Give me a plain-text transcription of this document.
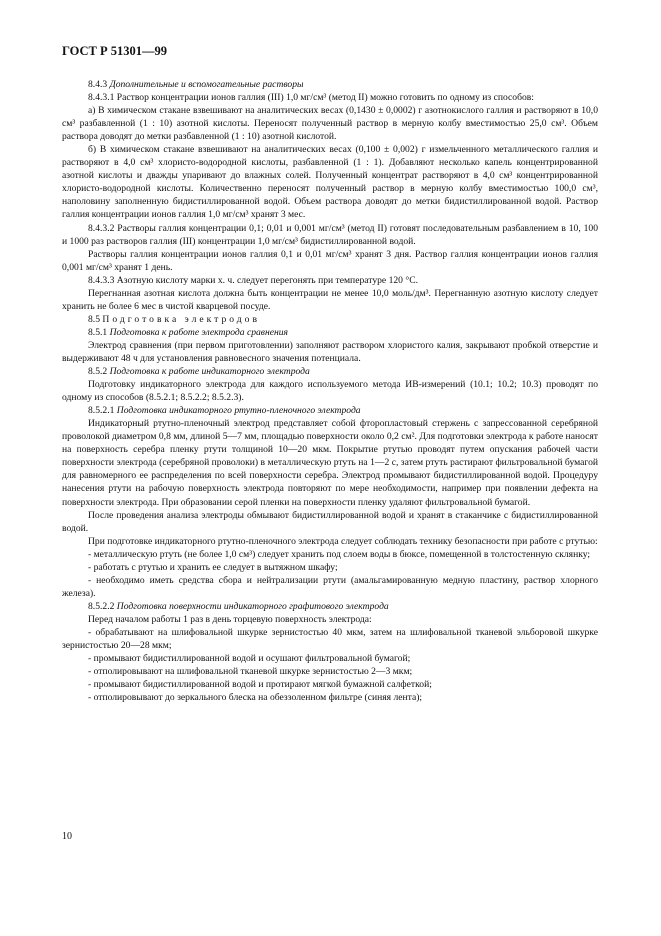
ГОСТ Р 51301—99

8.4.3 Дополнительные и вспомогательные растворы

8.4.3.1 Раствор концентрации ионов галлия (III) 1,0 мг/см³ (метод II) можно готовить по одному из способов:

а) В химическом стакане взвешивают на аналитических весах (0,1430 ± 0,0002) г азотнокислого галлия и растворяют в 10,0 см³ разбавленной (1 : 10) азотной кислоты. Переносят полученный раствор в мерную колбу вместимостью 25,0 см³. Объем раствора доводят до метки разбавленной (1 : 10) азотной кислотой.

б) В химическом стакане взвешивают на аналитических весах (0,100 ± 0,002) г измельченного металлического галлия и растворяют в 4,0 см³ хлористо-водородной кислоты, разбавленной (1 : 1). Добавляют несколько капель концентрированной азотной кислоты и дважды упаривают до влажных солей. Полученный концентрат растворяют в 4,0 см³ концентрированной хлористо-водородной кислоты. Количественно переносят полученный раствор в мерную колбу вместимостью 100,0 см³, наполовину заполненную бидистиллированной водой. Объем раствора доводят до метки бидистиллированной водой. Раствор галлия концентрации ионов галлия 1,0 мг/см³ хранят 3 мес.

8.4.3.2 Растворы галлия концентрации 0,1; 0,01 и 0,001 мг/см³ (метод II) готовят последовательным разбавлением в 10, 100 и 1000 раз растворов галлия (III) концентрации 1,0 мг/см³ бидистиллированной водой.

Растворы галлия концентрации ионов галлия 0,1 и 0,01 мг/см³ хранят 3 дня. Раствор галлия концентрации ионов галлия 0,001 мг/см³ хранят 1 день.

8.4.3.3 Азотную кислоту марки х. ч. следует перегонять при температуре 120 °С.

Перегнанная азотная кислота должна быть концентрации не менее 10,0 моль/дм³. Перегнанную азотную кислоту следует хранить не более 6 мес в чистой кварцевой посуде.

8.5 Подготовка электродов

8.5.1 Подготовка к работе электрода сравнения

Электрод сравнения (при первом приготовлении) заполняют раствором хлористого калия, закрывают пробкой отверстие и выдерживают 48 ч для установления равновесного значения потенциала.

8.5.2 Подготовка к работе индикаторного электрода

Подготовку индикаторного электрода для каждого используемого метода ИВ-измерений (10.1; 10.2; 10.3) проводят по одному из способов (8.5.2.1; 8.5.2.2; 8.5.2.3).

8.5.2.1 Подготовка индикаторного ртутно-пленочного электрода

Индикаторный ртутно-пленочный электрод представляет собой фторопластовый стержень с запрессованной серебряной проволокой диаметром 0,8 мм, длиной 5—7 мм, площадью поверхности около 0,2 см². Для подготовки электрода к работе наносят на поверхность серебра пленку ртути толщиной 10—20 мкм. Покрытие ртутью проводят путем опускания рабочей части поверхности электрода (серебряной проволоки) в металлическую ртуть на 1—2 с, затем ртуть растирают фильтровальной бумагой для равномерного ее распределения по всей поверхности серебра. Электрод промывают бидистиллированной водой. Процедуру нанесения ртути на рабочую поверхность электрода повторяют по мере необходимости, например при появлении дефекта на поверхности электрода. При образовании серой пленки на поверхности пленку удаляют фильтровальной бумагой.

После проведения анализа электроды обмывают бидистиллированной водой и хранят в стаканчике с бидистиллированной водой.

При подготовке индикаторного ртутно-пленочного электрода следует соблюдать технику безопасности при работе с ртутью:

- металлическую ртуть (не более 1,0 см³) следует хранить под слоем воды в бюксе, помещенной в толстостенную склянку;

- работать с ртутью и хранить ее следует в вытяжном шкафу;

- необходимо иметь средства сбора и нейтрализации ртути (амальгамированную медную пластину, раствор хлорного железа).

8.5.2.2 Подготовка поверхности индикаторного графитового электрода

Перед началом работы 1 раз в день торцевую поверхность электрода:

- обрабатывают на шлифовальной шкурке зернистостью 40 мкм, затем на шлифовальной тканевой эльборовой шкурке зернистостью 20—28 мкм;

- промывают бидистиллированной водой и осушают фильтровальной бумагой;

- отполировывают на шлифовальной тканевой шкурке зернистостью 2—3 мкм;

- промывают бидистиллированной водой и протирают мягкой бумажной салфеткой;

- отполировывают до зеркального блеска на обеззоленном фильтре (синяя лента);

10
